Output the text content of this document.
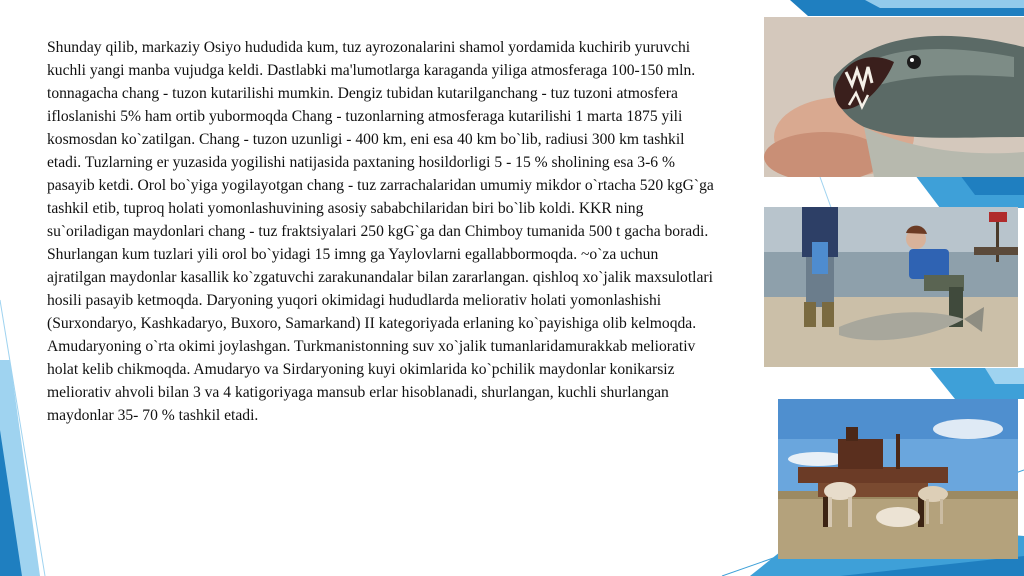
Shunday qilib, markaziy Osiyo hududida kum, tuz ayrozonalarini shamol yordamida kuchirib yuruvchi kuchli yangi manba vujudga keldi. Dastlabki ma'lumotlarga karaganda yiliga atmosferaga 100-150 mln. tonnagacha chang - tuzon kutarilishi mumkin. Dengiz tubidan kutarilganchang - tuz tuzoni atmosfera ifloslanishi 5% ham ortib yubormoqda Chang - tuzonlarning atmosferaga kutarilishi 1 marta 1875 yili kosmosdan ko`zatilgan. Chang - tuzon uzunligi - 400 km, eni esa 40 km bo`lib, radiusi 300 km tashkil etadi. Tuzlarning er yuzasida yogilishi natijasida paxtaning hosildorligi 5 - 15 % sholining esa 3-6 % pasayib ketdi. Orol bo`yiga yogilayotgan chang - tuz zarrachalaridan umumiy mikdor o`rtacha 520 kgG`ga tashkil etib, tuproq holati yomonlashuvining asosiy sababchilaridan biri bo`lib koldi. KKR ning su`oriladigan maydonlari chang - tuz fraktsiyalari 250 kgG`ga dan Chimboy tumanida 500 t gacha boradi. Shurlangan kum tuzlari yili orol bo`yidagi 15 imng ga Yaylovlarni egallabbormoqda. ~o`za uchun ajratilgan maydonlar kasallik ko`zgatuvchi zarakunandalar bilan zararlangan. qishloq xo`jalik maxsulotlari hosili pasayib ketmoqda. Daryoning yuqori okimidagi hududlarda meliorativ holati yomonlashishi (Surxondaryo, Kashkadaryo, Buxoro, Samarkand) II kategoriyada erlaning ko`payishiga olib kelmoqda. Amudaryoning o`rta okimi joylashgan. Turkmanistonning suv xo`jalik tumanlaridamurakkab meliorativ holat kelib chikmoqda. Amudaryo va Sirdaryoning kuyi okimlarida ko`pchilik maydonlar konikarsiz meliorativ ahvoli bilan 3 va 4 katigoriyaga mansub erlar hisoblanadi, shurlangan, kuchli shurlangan maydonlar 35- 70 % tashkil etadi.
